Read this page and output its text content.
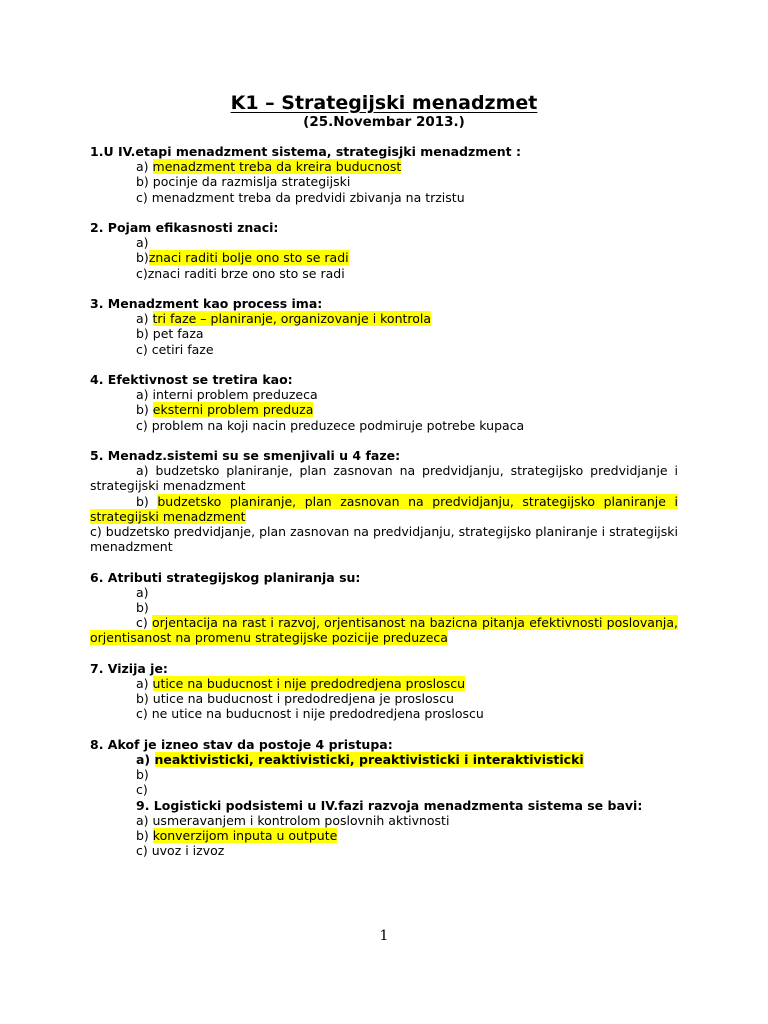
K1 – Strategijski menadzmet
(25.Novembar 2013.)
1.U IV.etapi menadzment sistema, strategisjki menadzment :
a) menadzment treba da kreira buducnost
b) pocinje da razmislja strategijski
c) menadzment treba da predvidi zbivanja na trzistu
2. Pojam efikasnosti znaci:
a)
b)znaci raditi bolje ono sto se radi
c)znaci raditi brze ono sto se radi
3. Menadzment kao process ima:
a) tri faze – planiranje, organizovanje i kontrola
b) pet faza
c) cetiri faze
4. Efektivnost se tretira kao:
a) interni problem preduzeca
b) eksterni problem preduza
c) problem na koji nacin preduzece podmiruje potrebe kupaca
5. Menadz.sistemi su se smenjivali u 4 faze:
a) budzetsko planiranje, plan zasnovan na predvidjanju, strategijsko predvidjanje i strategijski menadzment
b) budzetsko planiranje, plan zasnovan na predvidjanju, strategijsko planiranje i strategijski menadzment
c) budzetsko predvidjanje, plan zasnovan na predvidjanju, strategijsko planiranje i strategijski menadzment
6. Atributi strategijskog planiranja su:
a)
b)
c) orjentacija na rast i razvoj, orjentisanost na bazicna pitanja efektivnosti poslovanja, orjentisanost na promenu strategijske pozicije preduzeca
7. Vizija je:
a) utice na buducnost i nije predodredjena prosloscu
b) utice na buducnost i predodredjena je prosloscu
c) ne utice na buducnost i nije predodredjena prosloscu
8. Akof je izneo stav da postoje 4 pristupa:
a) neaktivisticki, reaktivisticki, preaktivisticki i interaktivisticki
b)
c)
9. Logisticki podsistemi u IV.fazi razvoja menadzmenta sistema se bavi:
a) usmeravanjem i kontrolom poslovnih aktivnosti
b) konverzijom inputa u outpute
c) uvoz i izvoz
1
